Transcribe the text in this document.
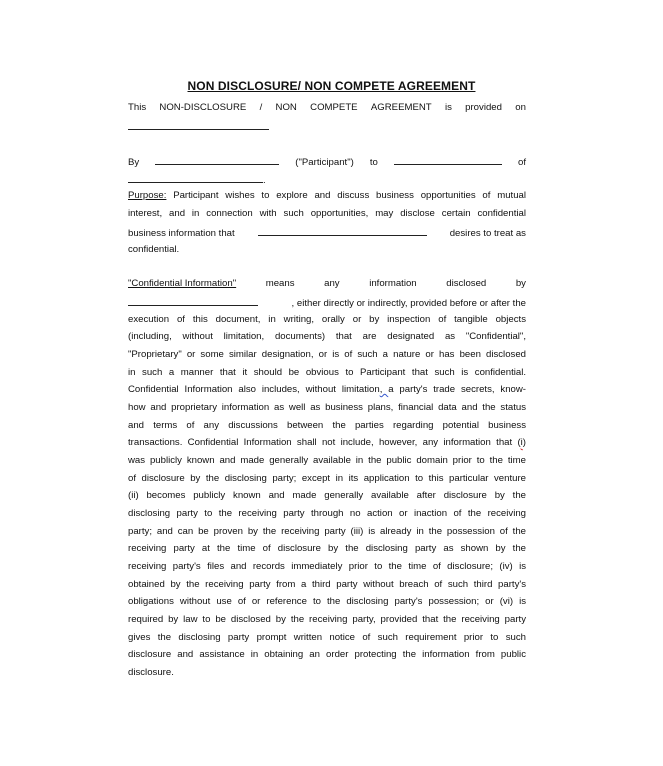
NON DISCLOSURE/ NON COMPETE AGREEMENT
This NON-DISCLOSURE / NON COMPETE AGREEMENT is provided on
By	("Participant") to	of
.
Purpose: Participant wishes to explore and discuss business opportunities of mutual
interest, and in connection with such opportunities, may disclose certain confidential
business information that	desires to treat as
confidential.
"Confidential Information"	means	any	information	disclosed	by
, either directly or indirectly, provided before or after the
execution of this document, in writing, orally or by inspection of tangible objects
(including, without limitation, documents) that are designated as "Confidential",
"Proprietary" or some similar designation, or is of such a nature or has been disclosed
in such a manner that it should be obvious to Participant that such is confidential.
Confidential Information also includes, without limitation, a party's trade secrets, know-
how and proprietary information as well as business plans, financial data and the status
and terms of any discussions between the parties regarding potential business
transactions. Confidential Information shall not include, however, any information that (i)
was publicly known and made generally available in the public domain prior to the time
of disclosure by the disclosing party; except in its application to this particular venture
(ii) becomes publicly known and made generally available after disclosure by the
disclosing party to the receiving party through no action or inaction of the receiving
party; and can be proven by the receiving party (iii) is already in the possession of the
receiving party at the time of disclosure by the disclosing party as shown by the
receiving party's files and records immediately prior to the time of disclosure; (iv) is
obtained by the receiving party from a third party without breach of such third party's
obligations without use of or reference to the disclosing party's possession; or (vi) is
required by law to be disclosed by the receiving party, provided that the receiving party
gives the disclosing party prompt written notice of such requirement prior to such
disclosure and assistance in obtaining an order protecting the information from public
disclosure.
